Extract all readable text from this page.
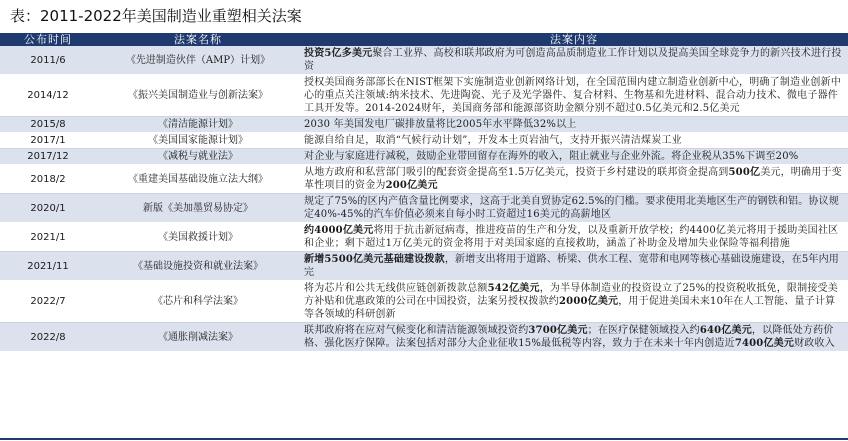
表：2011-2022年美国制造业重塑相关法案
公布时间	法案名称	法案内容
2011/6	《先进制造伙伴（AMP）计划》	投资5亿多美元聚合工业界、高校和联邦政府为可创造高品质制造业工作计划以及提高美国全球竞争力的新兴技术进行投资
2014/12	《振兴美国制造业与创新法案》	授权美国商务部部长在NIST框架下实施制造业创新网络计划，在全国范围内建立制造业创新中心，明确了制造业创新中心的重点关注领域:纳米技术、先进陶瓷、光子及光学器件、复合材料、生物基和先进材料、混合动力技术、微电子器件工具开发等。2014-2024财年，美国商务部和能源部资助金额分别不超过0.5亿美元和2.5亿美元
2015/8	《清洁能源计划》	2030 年美国发电厂碳排放量将比2005年水平降低32%以上
2017/1	《美国国家能源计划》	能源自给自足，取消“气候行动计划”，开发本土页岩油气，支持开振兴清洁煤炭工业
2017/12	《减税与就业法》	对企业与家庭进行减税，鼓励企业带回留存在海外的收入，阻止就业与企业外流。将企业税从35%下调至20%
2018/2	《重建美国基础设施立法大纲》	从地方政府和私营部门吸引的配套资金提高至1.5万亿美元，投资于乡村建设的联邦资金提高到500亿美元，明确用于变革性项目的资金为200亿美元
2020/1	新版《美加墨贸易协定》	规定了75%的区内产值含量比例要求，这高于北美自贸协定62.5%的门槛。要求使用北美地区生产的钢铁和铝。协议规定40%-45%的汽车价值必须来自每小时工资超过16美元的高薪地区
2021/1	《美国救援计划》	约4000亿美元将用于抗击新冠病毒，推进疫苗的生产和分发，以及重新开放学校；约4400亿美元将用于援助美国社区和企业；剩下超过1万亿美元的资金将用于对美国家庭的直接救助，涵盖了补助金及增加失业保险等福利措施
2021/11	《基础设施投资和就业法案》	新增5500亿美元基础建设拨款，新增支出将用于道路、桥梁、供水工程、宽带和电网等核心基础设施建设，在5年内用完
2022/7	《芯片和科学法案》	将为芯片和公共无线供应链创新拨款总额542亿美元，为半导体制造业的投资设立了25%的投资税收抵免，限制接受美方补贴和优惠政策的公司在中国投资，法案另授权拨款约2000亿美元，用于促进美国未来10年在人工智能、量子计算等各领域的科研创新
2022/8	《通胀削减法案》	联邦政府将在应对气候变化和清洁能源领域投资约3700亿美元；在医疗保健领域投入约640亿美元，以降低处方药价格、强化医疗保障。法案包括对部分大企业征收15%最低税等内容，致力于在未来十年内创造近7400亿美元财政收入
